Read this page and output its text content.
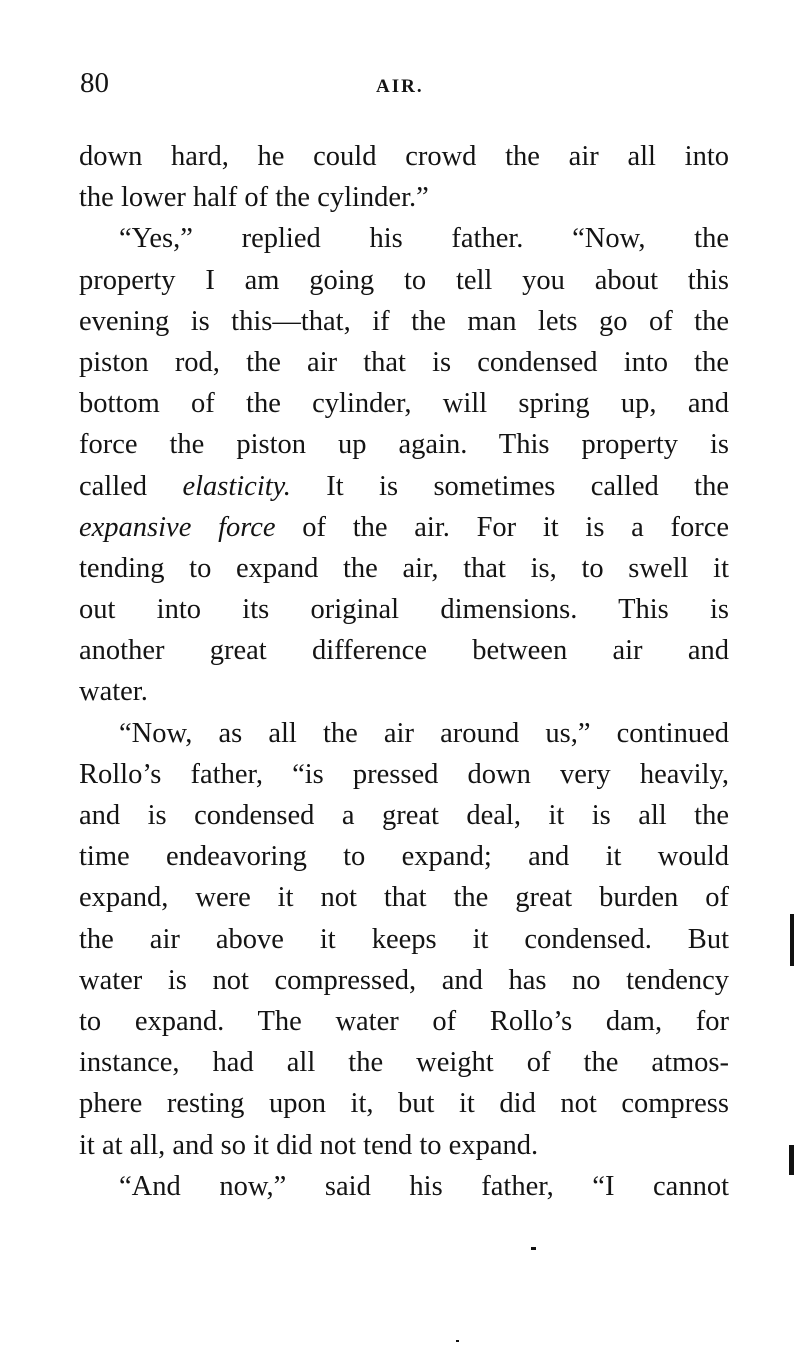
80	AIR.
down hard, he could crowd the air all into
the lower half of the cylinder.”
“Yes,” replied his father. “Now, the
property I am going to tell you about this
evening is this—that, if the man lets go of the
piston rod, the air that is condensed into the
bottom of the cylinder, will spring up, and
force the piston up again. This property is
called elasticity. It is sometimes called the
expansive force of the air. For it is a force
tending to expand the air, that is, to swell it
out into its original dimensions. This is
another great difference between air and
water.
“Now, as all the air around us,” continued
Rollo’s father, “is pressed down very heavily,
and is condensed a great deal, it is all the
time endeavoring to expand; and it would
expand, were it not that the great burden of
the air above it keeps it condensed. But
water is not compressed, and has no tendency
to expand. The water of Rollo’s dam, for
instance, had all the weight of the atmos-
phere resting upon it, but it did not compress
it at all, and so it did not tend to expand.
“And now,” said his father, “I cannot
